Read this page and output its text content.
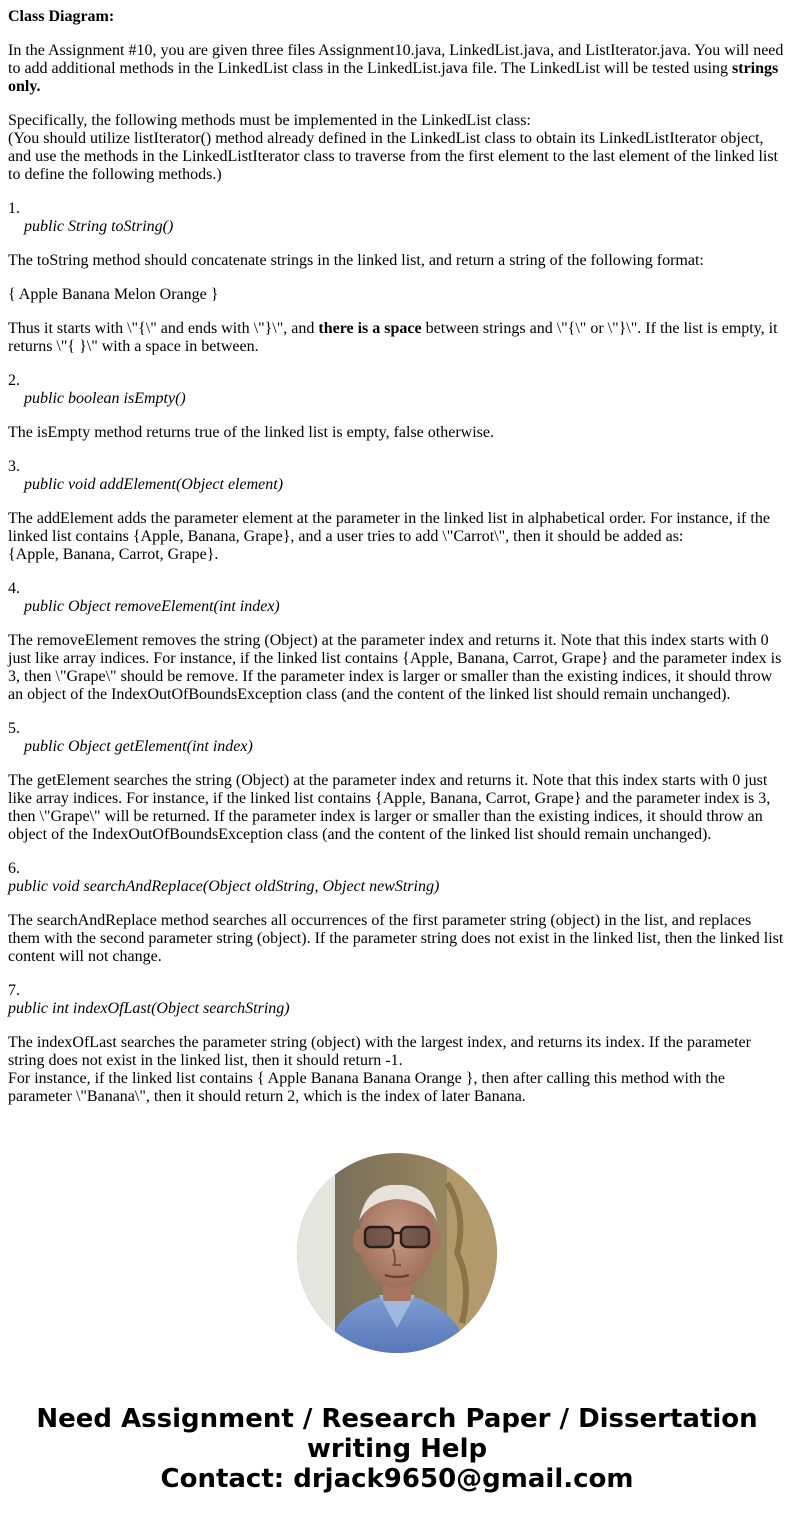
Class Diagram:

In the Assignment #10, you are given three files Assignment10.java, LinkedList.java, and ListIterator.java. You will need to add additional methods in the LinkedList class in the LinkedList.java file. The LinkedList will be tested using strings only.

Specifically, the following methods must be implemented in the LinkedList class:
(You should utilize listIterator() method already defined in the LinkedList class to obtain its LinkedListIterator object, and use the methods in the LinkedListIterator class to traverse from the first element to the last element of the linked list to define the following methods.)

1.
public String toString()

The toString method should concatenate strings in the linked list, and return a string of the following format:

{ Apple Banana Melon Orange }

Thus it starts with \"{\" and ends with \"}\", and there is a space between strings and \"{\" or \"}\". If the list is empty, it returns \"{ }\" with a space in between.

2.
public boolean isEmpty()

The isEmpty method returns true of the linked list is empty, false otherwise.

3.
public void addElement(Object element)

The addElement adds the parameter element at the parameter in the linked list in alphabetical order. For instance, if the linked list contains {Apple, Banana, Grape}, and a user tries to add \"Carrot\", then it should be added as:
{Apple, Banana, Carrot, Grape}.

4.
public Object removeElement(int index)

The removeElement removes the string (Object) at the parameter index and returns it. Note that this index starts with 0 just like array indices. For instance, if the linked list contains {Apple, Banana, Carrot, Grape} and the parameter index is 3, then \"Grape\" should be remove. If the parameter index is larger or smaller than the existing indices, it should throw an object of the IndexOutOfBoundsException class (and the content of the linked list should remain unchanged).

5.
public Object getElement(int index)

The getElement searches the string (Object) at the parameter index and returns it. Note that this index starts with 0 just like array indices. For instance, if the linked list contains {Apple, Banana, Carrot, Grape} and the parameter index is 3, then \"Grape\" will be returned. If the parameter index is larger or smaller than the existing indices, it should throw an object of the IndexOutOfBoundsException class (and the content of the linked list should remain unchanged).

6.
public void searchAndReplace(Object oldString, Object newString)

The searchAndReplace method searches all occurrences of the first parameter string (object) in the list, and replaces them with the second parameter string (object). If the parameter string does not exist in the linked list, then the linked list content will not change.

7.
public int indexOfLast(Object searchString)

The indexOfLast searches the parameter string (object) with the largest index, and returns its index. If the parameter string does not exist in the linked list, then it should return -1.
For instance, if the linked list contains { Apple Banana Banana Orange }, then after calling this method with the parameter \"Banana\", then it should return 2, which is the index of later Banana.

Need Assignment / Research Paper / Dissertation
writing Help
Contact: drjack9650@gmail.com
